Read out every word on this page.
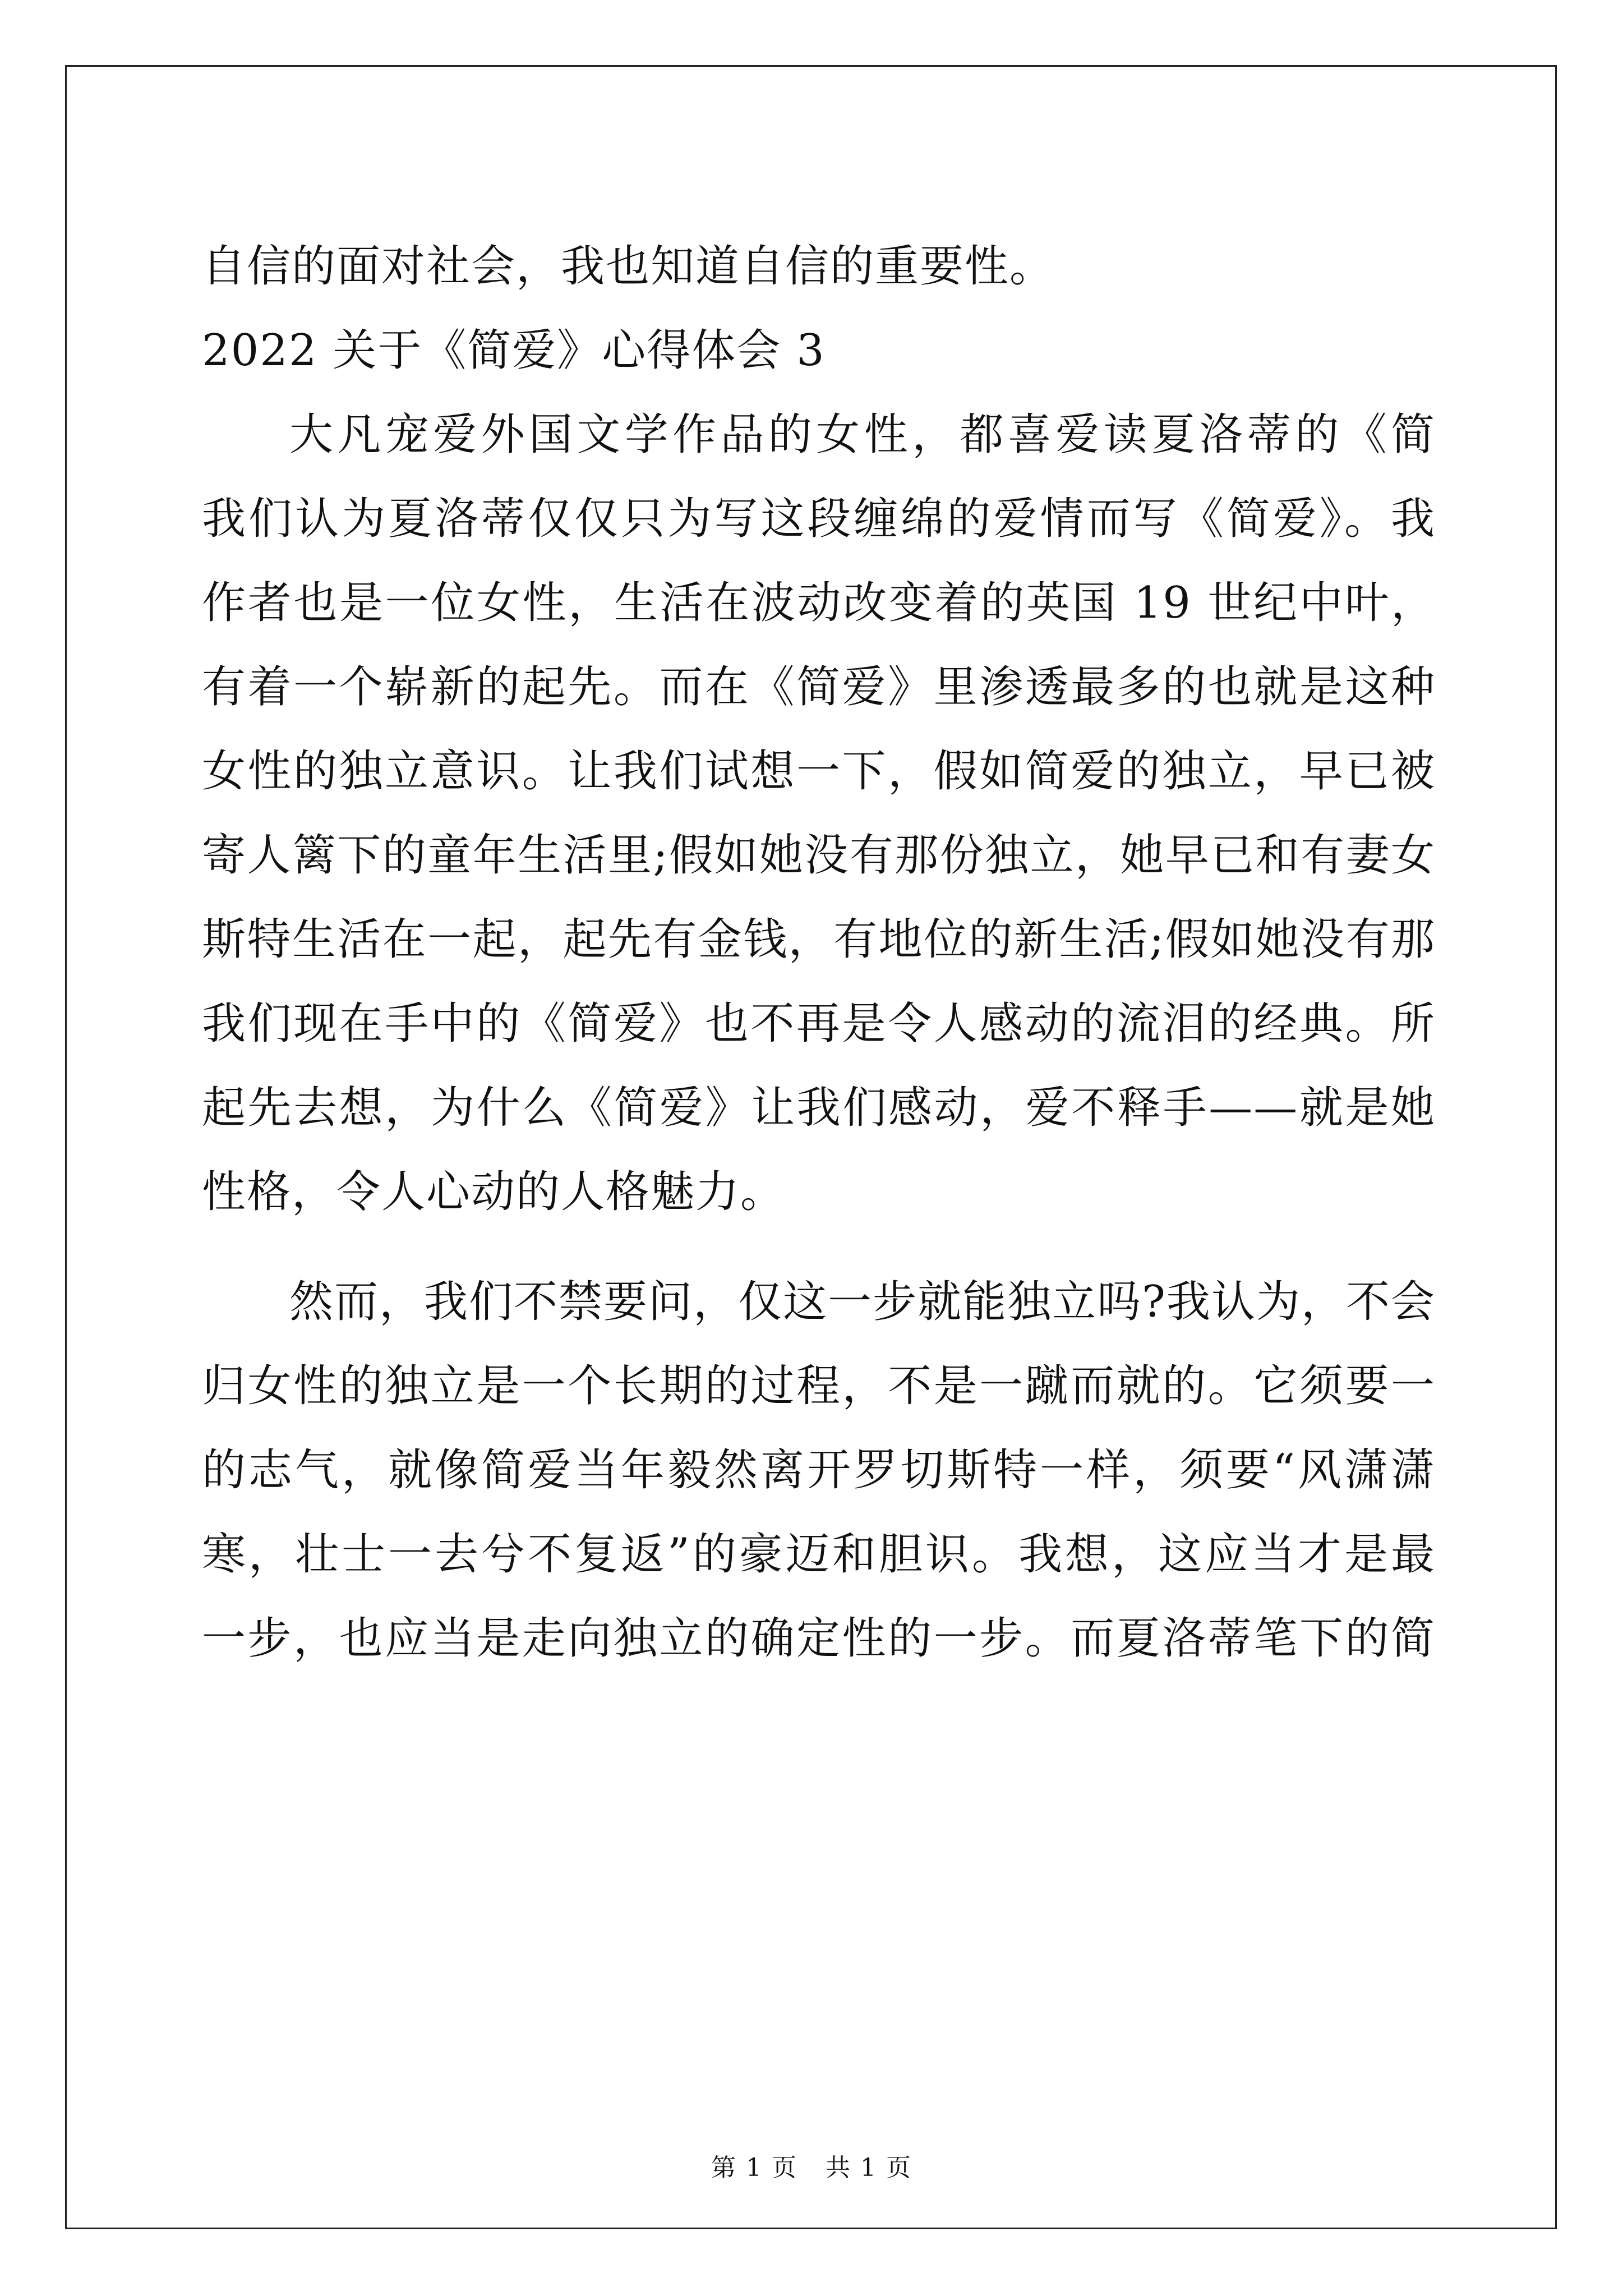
自信的面对社会，我也知道自信的重要性。
2022 关于《简爱》心得体会 3
大凡宠爱外国文学作品的女性，都喜爱读夏洛蒂的《简
我们认为夏洛蒂仅仅只为写这段缠绵的爱情而写《简爱》。我
作者也是一位女性，生活在波动改变着的英国 19 世纪中叶，
有着一个崭新的起先。而在《简爱》里渗透最多的也就是这种
女性的独立意识。让我们试想一下，假如简爱的独立，早已被
寄人篱下的童年生活里;假如她没有那份独立，她早已和有妻女
斯特生活在一起，起先有金钱，有地位的新生活;假如她没有那
我们现在手中的《简爱》也不再是令人感动的流泪的经典。所
起先去想，为什么《简爱》让我们感动，爱不释手——就是她
性格，令人心动的人格魅力。
然而，我们不禁要问，仅这一步就能独立吗?我认为，不会
归女性的独立是一个长期的过程，不是一蹴而就的。它须要一
的志气，就像简爱当年毅然离开罗切斯特一样，须要“风潇潇
寒，壮士一去兮不复返”的豪迈和胆识。我想，这应当才是最
一步，也应当是走向独立的确定性的一步。而夏洛蒂笔下的简
第 1 页 共 1 页
